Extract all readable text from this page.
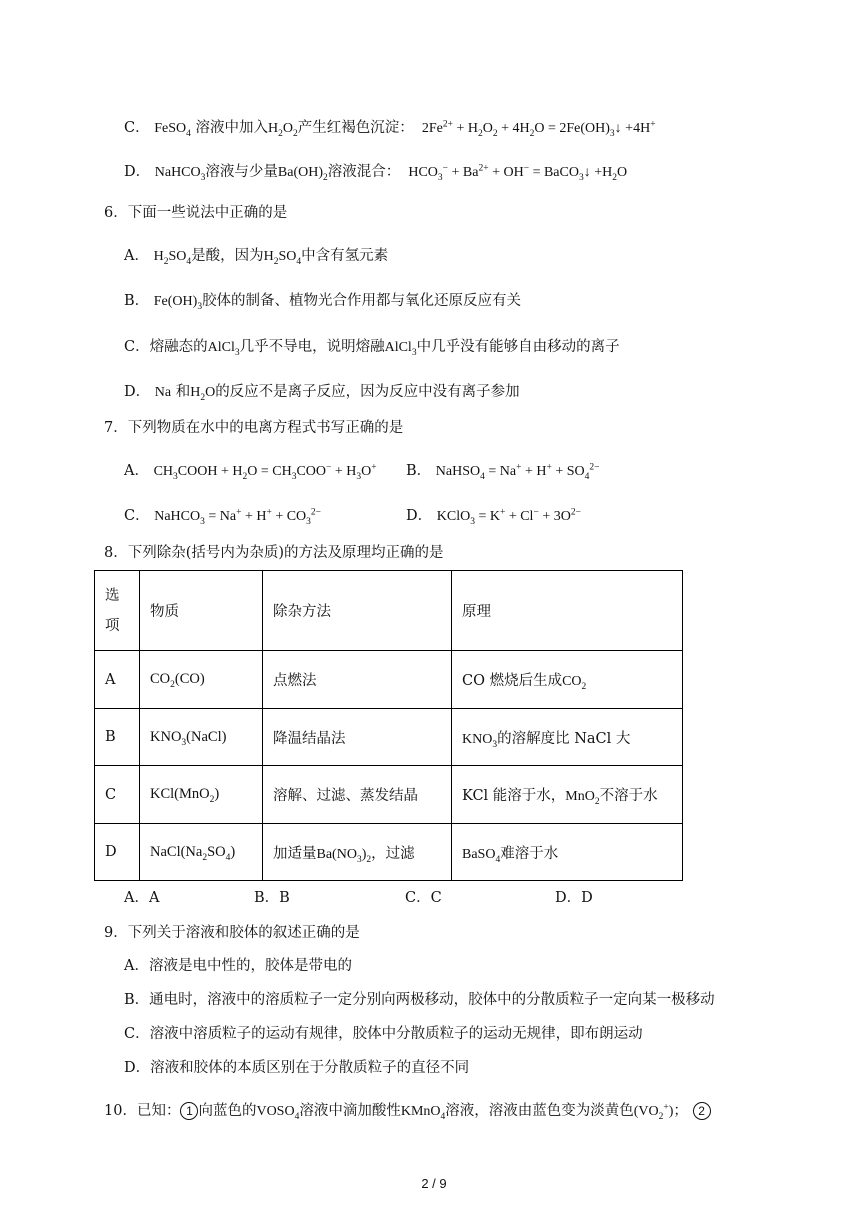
C． FeSO$_4$ 溶液中加入$H_2O_2$产生红褐色沉淀：  $2Fe^{2+} + H_2O_2 + 4H_2O$ = $2Fe(OH)_3↓ +4H^+$
D． NaHCO$_3$溶液与少量$Ba(OH)_2$溶液混合：  $HCO_3^- + Ba^{2+} + OH^-$ = BaCO$_3$↓ $+H_2O$
6．下面一些说法中正确的是
A． $H_2SO_4$是酸，因为$H_2SO_4$中含有氢元素
B． $Fe(OH)_3$胶体的制备、植物光合作用都与氧化还原反应有关
C．熔融态的AlCl$_3$几乎不导电，说明熔融AlCl$_3$中几乎没有能够自由移动的离子
D． Na 和$H_2O$的反应不是离子反应，因为反应中没有离子参加
7．下列物质在水中的电离方程式书写正确的是
A． $CH_3COOH + H_2O = CH_3COO^- + H_3O^+$ B． NaHSO$_4$ = $Na^+ + H^+ + SO_4^{2-}$
C． NaHCO$_3$ = $Na^+ + H^+ + CO_3^{2-}$	D． KClO$_3$ = $K^+ + Cl^- + 3O^{2-}$
8．下列除杂(括号内为杂质)的方法及原理均正确的是
选
项	物质	除杂方法	原理
A	$CO_2(CO)$	点燃法	CO 燃烧后生成$CO_2$
B	$KNO_3(NaCl)$	降温结晶法	$KNO_3$的溶解度比 NaCl 大
C	KCl(MnO$_2$)	溶解、过滤、蒸发结晶	KCl 能溶于水，MnO$_2$不溶于水
D	$NaCl(Na_2SO_4)$	加适量$Ba(NO_3)_2$，过滤	BaSO$_4$难溶于水
A．A	B．B	C．C	D．D
9．下列关于溶液和胶体的叙述正确的是
A．溶液是电中性的，胶体是带电的
B．通电时，溶液中的溶质粒子一定分别向两极移动，胶体中的分散质粒子一定向某一极移动
C．溶液中溶质粒子的运动有规律，胶体中分散质粒子的运动无规律，即布朗运动
D．溶液和胶体的本质区别在于分散质粒子的直径不同
10．已知： 1 向蓝色的$VOSO_4$溶液中滴加酸性KMnO$_4$溶液，溶液由蓝色变为淡黄色$(VO_2^+)$； 2
2 / 9
